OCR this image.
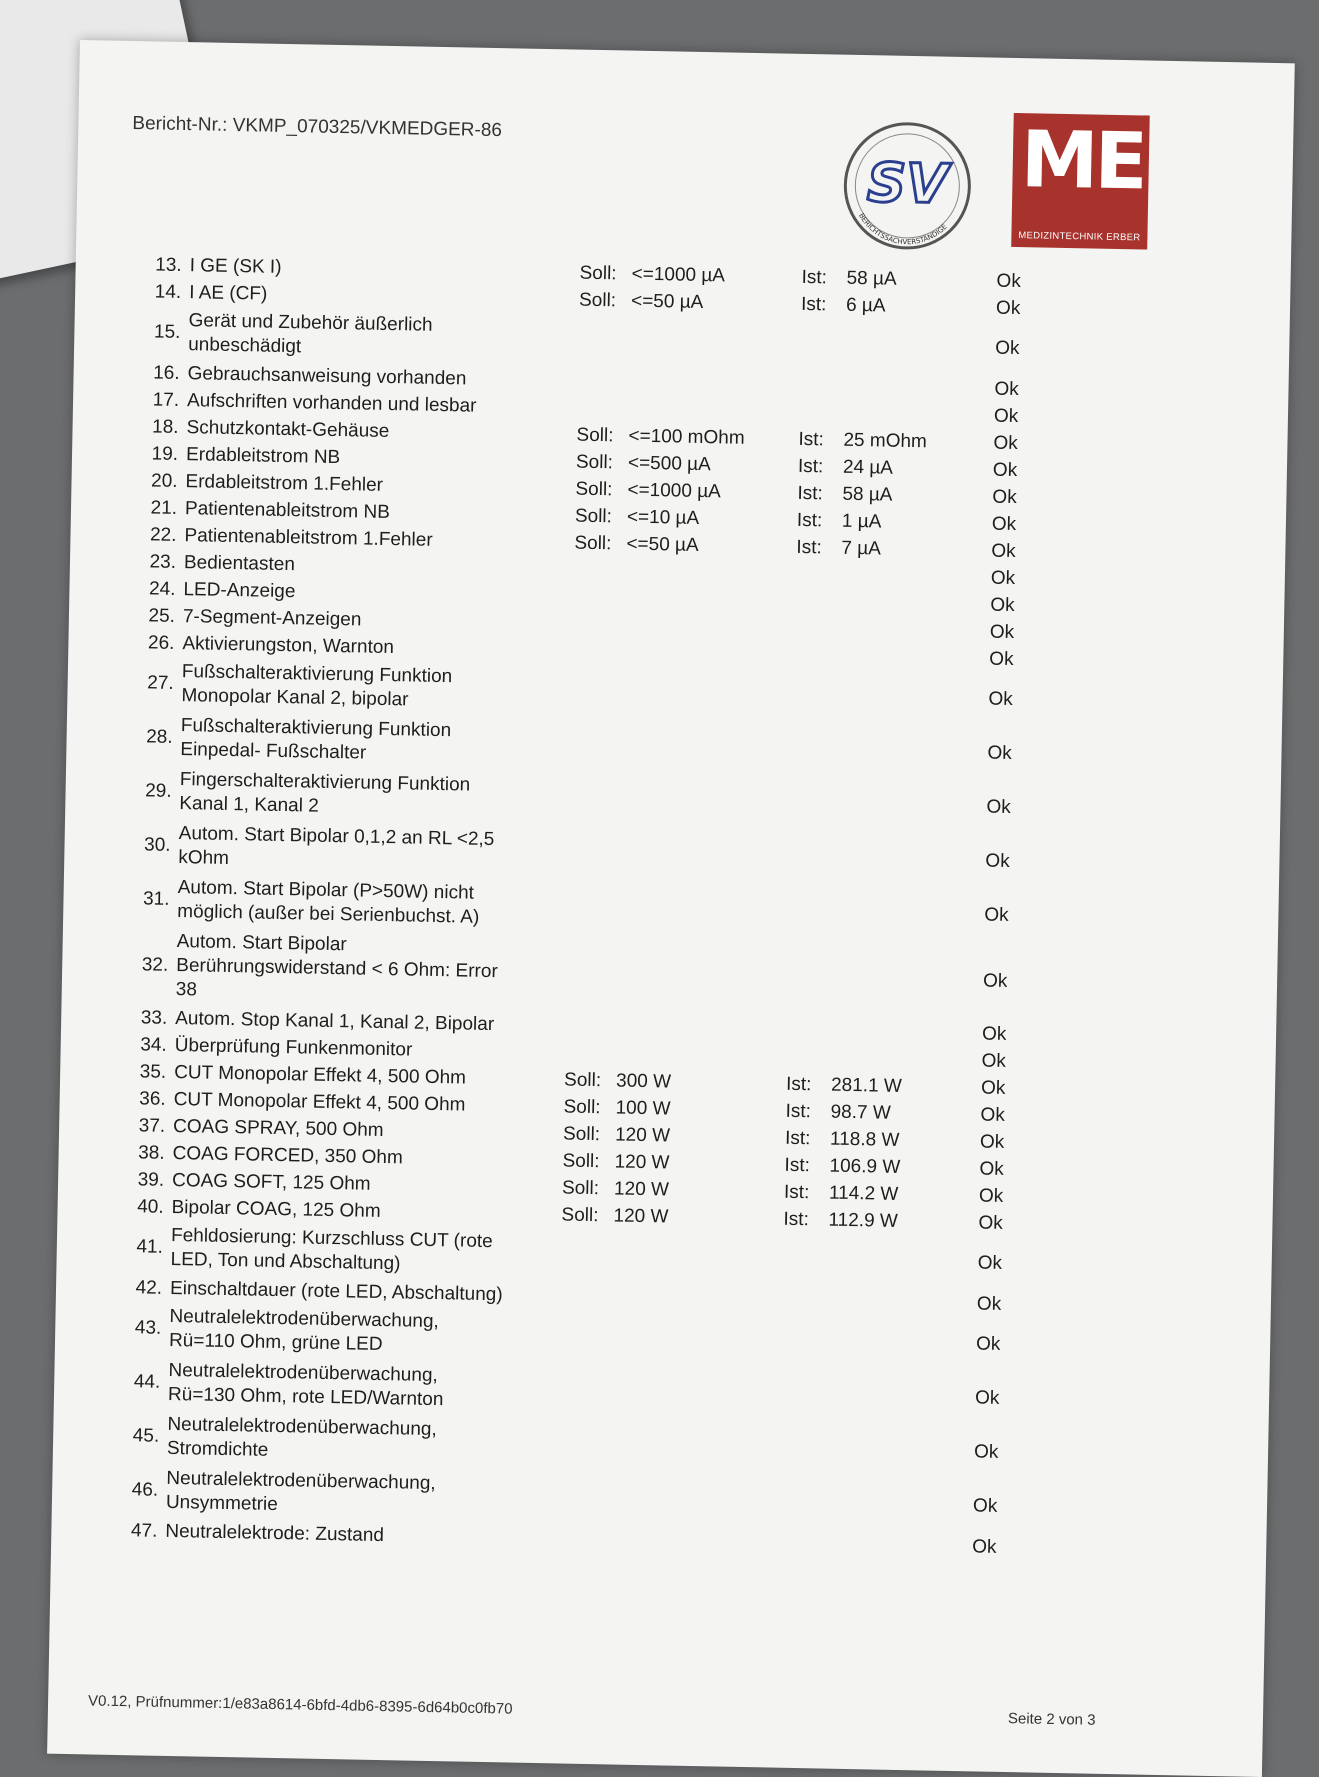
Bericht-Nr.: VKMP_070325/VKMEDGER-86
SV
BERICHTSSACHVERSTÄNDIGE
ME
MEDIZINTECHNIK ERBER
13. I GE (SK I)	Soll: <=1000 µA	Ist:	58 µA	Ok
14. I AE (CF)	Soll: <=50 µA	Ist:	6 µA	Ok
15. Gerät und Zubehör äußerlich
unbeschädigt	Ok
16. Gebrauchsanweisung vorhanden	Ok
17. Aufschriften vorhanden und lesbar	Ok
18. Schutzkontakt-Gehäuse	Soll: <=100 mOhm	Ist:	25 mOhm	Ok
19. Erdableitstrom NB	Soll: <=500 µA	Ist:	24 µA	Ok
20. Erdableitstrom 1.Fehler	Soll: <=1000 µA	Ist:	58 µA	Ok
21. Patientenableitstrom NB	Soll: <=10 µA	Ist:	1 µA	Ok
22. Patientenableitstrom 1.Fehler	Soll: <=50 µA	Ist:	7 µA	Ok
23. Bedientasten
Ok
24. LED-Anzeige
Ok
25. 7-Segment-Anzeigen
Ok
26. Aktivierungston, Warnton
Ok
27. Fußschalteraktivierung Funktion
Monopolar Kanal 2, bipolar	Ok
28. Fußschalteraktivierung Funktion
Einpedal- Fußschalter	Ok
29. Fingerschalteraktivierung Funktion
Kanal 1, Kanal 2	Ok
30. Autom. Start Bipolar 0,1,2 an RL <2,5
kOhm	Ok
31. Autom. Start Bipolar (P>50W) nicht
möglich (außer bei Serienbuchst. A)	Ok
32.
Autom. Start Bipolar
Berührungswiderstand < 6 Ohm: Error
38	Ok
33. Autom. Stop Kanal 1, Kanal 2, Bipolar	Ok
34. Überprüfung Funkenmonitor
Ok
35. CUT Monopolar Effekt 4, 500 Ohm	Soll: 300 W	Ist:	281.1 W	Ok
36. CUT Monopolar Effekt 4, 500 Ohm	Soll: 100 W	Ist:	98.7 W	Ok
37. COAG SPRAY, 500 Ohm	Soll: 120 W	Ist:	118.8 W	Ok
38. COAG FORCED, 350 Ohm	Soll: 120 W	Ist:	106.9 W	Ok
39. COAG SOFT, 125 Ohm	Soll: 120 W	Ist:	114.2 W	Ok
40. Bipolar COAG, 125 Ohm	Soll: 120 W	Ist:	112.9 W	Ok
41. Fehldosierung: Kurzschluss CUT (rote
LED, Ton und Abschaltung)	Ok
42. Einschaltdauer (rote LED, Abschaltung)	Ok
43. Neutralelektrodenüberwachung,
Rü=110 Ohm, grüne LED	Ok
44. Neutralelektrodenüberwachung,
Rü=130 Ohm, rote LED/Warnton	Ok
45. Neutralelektrodenüberwachung,
Stromdichte	Ok
46. Neutralelektrodenüberwachung,
Unsymmetrie	Ok
47. Neutralelektrode: Zustand
Ok
V0.12, Prüfnummer:1/e83a8614-6bfd-4db6-8395-6d64b0c0fb70
Seite 2 von 3
